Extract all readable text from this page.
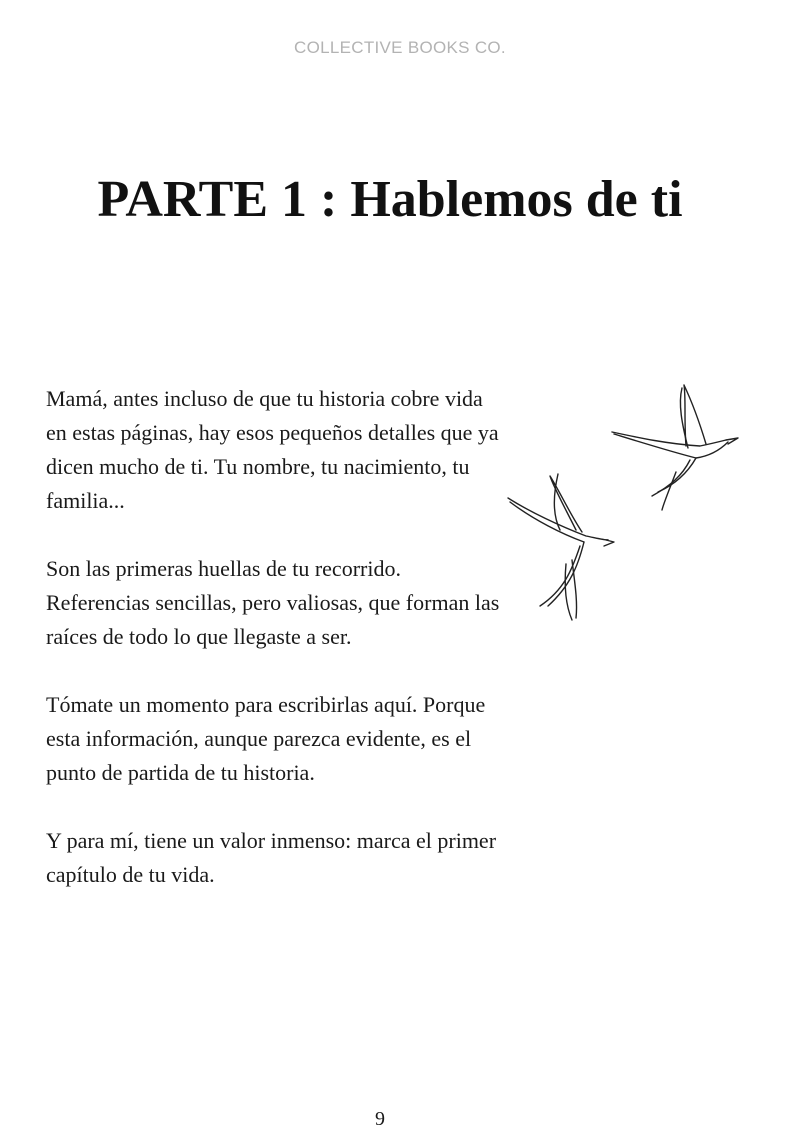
COLLECTIVE BOOKS CO.
PARTE 1 : Hablemos de ti

Mamá, antes incluso de que tu historia cobre vida en estas páginas, hay esos pequeños detalles que ya dicen mucho de ti. Tu nombre, tu nacimiento, tu familia...

Son las primeras huellas de tu recorrido. Referencias sencillas, pero valiosas, que forman las raíces de todo lo que llegaste a ser.

Tómate un momento para escribirlas aquí. Porque esta información, aunque parezca evidente, es el punto de partida de tu historia.

Y para mí, tiene un valor inmenso: marca el primer capítulo de tu vida.

9
